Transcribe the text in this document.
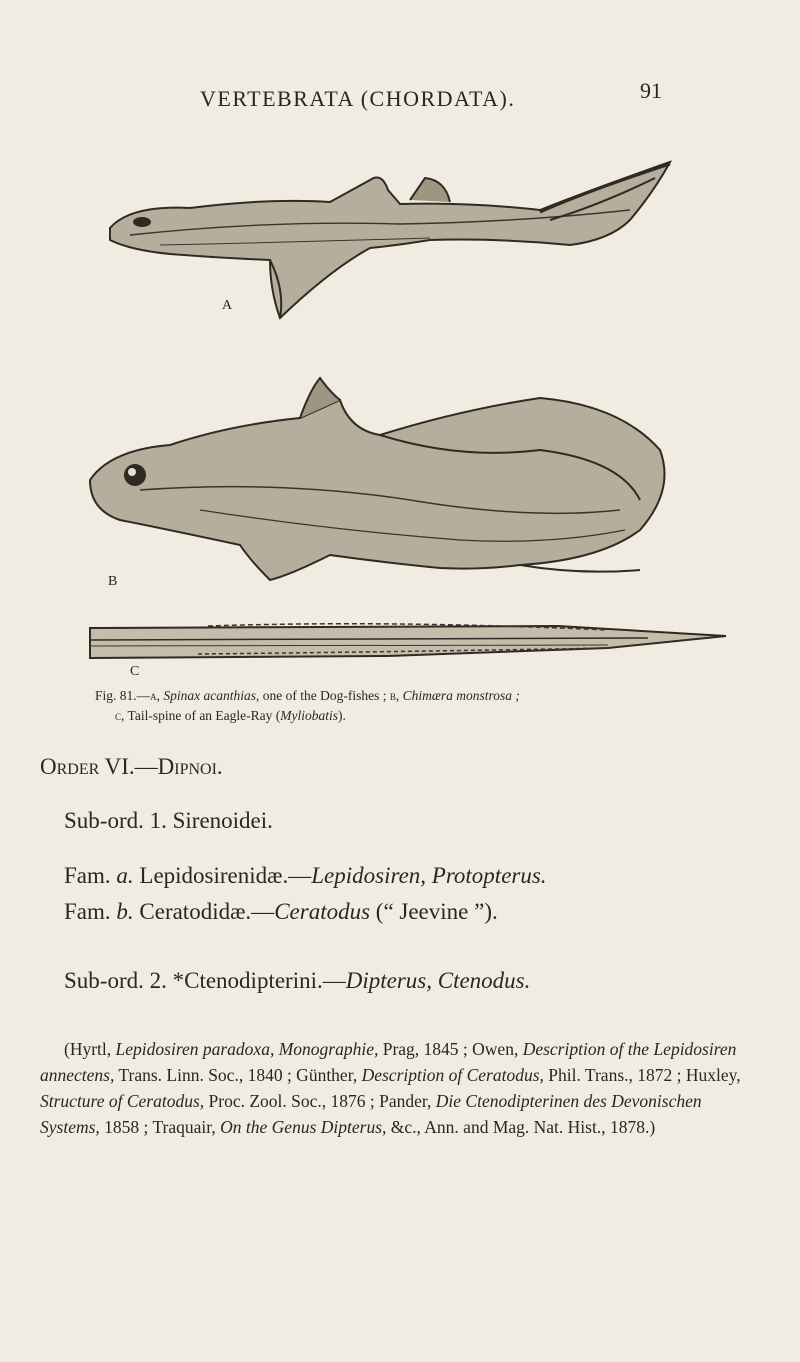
VERTEBRATA (CHORDATA).	91
A
B
C
Fig. 81.—a, Spinax acanthias, one of the Dog-fishes ; b, Chimæra monstrosa ;
c, Tail-spine of an Eagle-Ray (Myliobatis).
Order VI.—Dipnoi.
Sub-ord. 1. Sirenoidei.
Fam. a. Lepidosirenidæ.—Lepidosiren, Protopterus.
Fam. b. Ceratodidæ.—Ceratodus (“ Jeevine ”).
Sub-ord. 2. *Ctenodipterini.—Dipterus, Ctenodus.
(Hyrtl, Lepidosiren paradoxa, Monographie, Prag, 1845 ; Owen, Description of the Lepidosiren annectens, Trans. Linn. Soc., 1840 ; Günther, Description of Ceratodus, Phil. Trans., 1872 ; Huxley, Structure of Ceratodus, Proc. Zool. Soc., 1876 ; Pander, Die Ctenodipterinen des Devonischen Systems, 1858 ; Traquair, On the Genus Dipterus, &c., Ann. and Mag. Nat. Hist., 1878.)
